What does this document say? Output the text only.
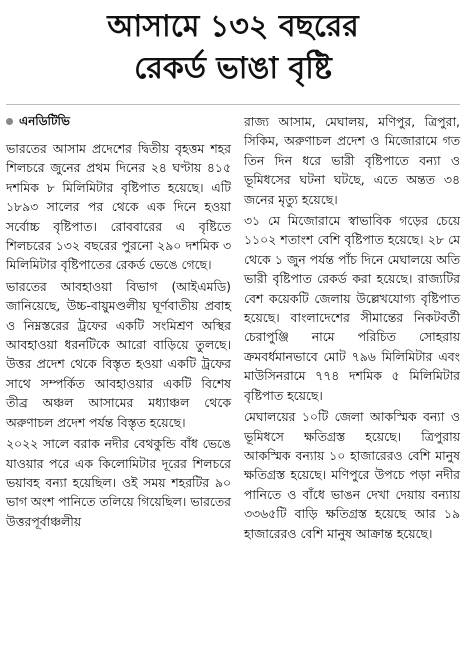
আসামে ১৩২ বছরের
রেকর্ড ভাঙা বৃষ্টি
এনডিটিভি

ভারতের আসাম প্রদেশের দ্বিতীয় বৃহত্তম শহর শিলচরে জুনের প্রথম দিনের ২৪ ঘণ্টায় ৪১৫ দশমিক ৮ মিলিমিটার বৃষ্টিপাত হয়েছে। এটি ১৮৯৩ সালের পর থেকে এক দিনে হওয়া সর্বোচ্চ বৃষ্টিপাত। রোববারের এ বৃষ্টিতে শিলচরের ১৩২ বছরের পুরনো ২৯০ দশমিক ৩ মিলিমিটার বৃষ্টিপাতের রেকর্ড ভেঙে গেছে।

ভারতের আবহাওয়া বিভাগ (আইএমডি) জানিয়েছে, উচ্চ-বায়ুমণ্ডলীয় ঘূর্ণবাতীয় প্রবাহ ও নিম্নস্তরের ট্রফের একটি সংমিশ্রণ অস্থির আবহাওয়া ধরনটিকে আরো বাড়িয়ে তুলছে। উত্তর প্রদেশ থেকে বিস্তৃত হওয়া একটি ট্রফের সাথে সম্পর্কিত আবহাওয়ার একটি বিশেষ তীব্র অঞ্চল আসামের মধ্যাঞ্চল থেকে অরুণাচল প্রদেশ পর্যন্ত বিস্তৃত হয়েছে।

২০২২ সালে বরাক নদীর বেথকুন্ডি বাঁধ ভেঙে যাওয়ার পরে এক কিলোমিটার দূরের শিলচরে ভয়াবহ বন্যা হয়েছিল। ওই সময় শহরটির ৯০ ভাগ অংশ পানিতে তলিয়ে গিয়েছিল। ভারতের উত্তরপূর্বাঞ্চলীয়

রাজ্য আসাম, মেঘালয়, মণিপুর, ত্রিপুরা, সিকিম, অরুণাচল প্রদেশ ও মিজোরামে গত তিন দিন ধরে ভারী বৃষ্টিপাতে বন্যা ও ভূমিধসের ঘটনা ঘটছে, এতে অন্তত ৩৪ জনের মৃত্যু হয়েছে।

৩১ মে মিজোরামে স্বাভাবিক গড়ের চেয়ে ১১০২ শতাংশ বেশি বৃষ্টিপাত হয়েছে। ২৮ মে থেকে ১ জুন পর্যন্ত পাঁচ দিনে মেঘালয়ে অতি ভারী বৃষ্টিপাত রেকর্ড করা হয়েছে। রাজ্যটির বেশ কয়েকটি জেলায় উল্লেখযোগ্য বৃষ্টিপাত হয়েছে। বাংলাদেশের সীমান্তের নিকটবর্তী চেরাপুঞ্জি নামে পরিচিত সোহরায় ক্রমবর্ধমানভাবে মোট ৭৯৬ মিলিমিটার এবং মাউসিনরামে ৭৭৪ দশমিক ৫ মিলিমিটার বৃষ্টিপাত হয়েছে।

মেঘালয়ের ১০টি জেলা আকস্মিক বন্যা ও ভূমিধসে ক্ষতিগ্রস্ত হয়েছে। ত্রিপুরায় আকস্মিক বন্যায় ১০ হাজারেরও বেশি মানুষ ক্ষতিগ্রস্ত হয়েছে। মণিপুরে উপচে পড়া নদীর পানিতে ও বাঁধে ভাঙন দেখা দেয়ায় বন্যায় ৩৩৬৫টি বাড়ি ক্ষতিগ্রস্ত হয়েছে আর ১৯ হাজারেরও বেশি মানুষ আক্রান্ত হয়েছে।
